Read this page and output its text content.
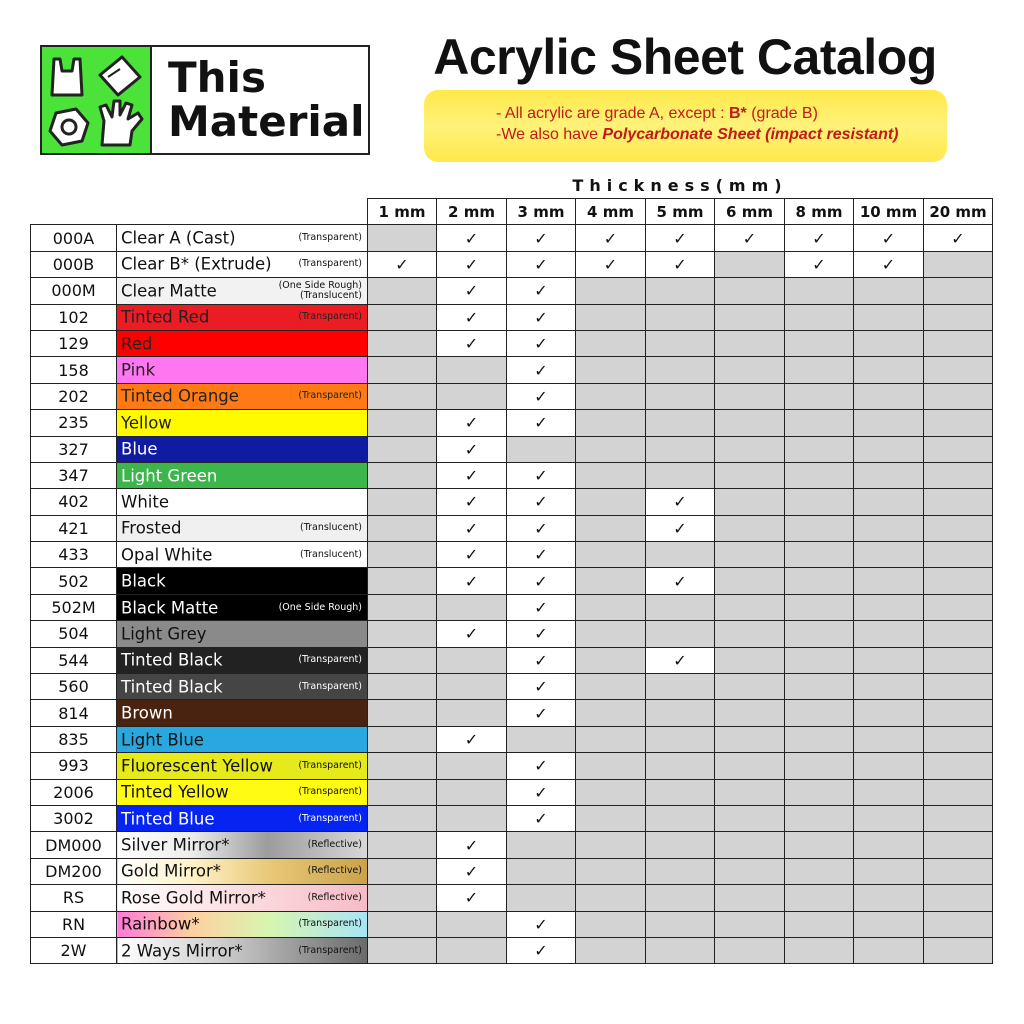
This
Material
Acrylic Sheet Catalog
- All acrylic are grade A, except : B* (grade B)
-We also have Polycarbonate Sheet (impact resistant)
Thickness(mm)
		1 mm	2 mm	3 mm	4 mm	5 mm	6 mm	8 mm	10 mm	20 mm
000A	Clear A (Cast) (Transparent)		✓	✓	✓	✓	✓	✓	✓	✓
000B	Clear B* (Extrude) (Transparent)	✓	✓	✓	✓	✓		✓	✓	
000M	Clear Matte (One Side Rough)
(Translucent)		✓	✓						
102	Tinted Red (Transparent)		✓	✓						
129	Red		✓	✓						
158	Pink			✓						
202	Tinted Orange (Transparent)			✓						
235	Yellow		✓	✓						
327	Blue		✓							
347	Light Green		✓	✓						
402	White		✓	✓		✓				
421	Frosted (Translucent)		✓	✓		✓				
433	Opal White (Translucent)		✓	✓						
502	Black		✓	✓		✓				
502M	Black Matte (One Side Rough)			✓						
504	Light Grey		✓	✓						
544	Tinted Black (Transparent)			✓		✓				
560	Tinted Black (Transparent)			✓						
814	Brown			✓						
835	Light Blue		✓							
993	Fluorescent Yellow (Transparent)			✓						
2006	Tinted Yellow (Transparent)			✓						
3002	Tinted Blue (Transparent)			✓						
DM000	Silver Mirror* (Reflective)		✓							
DM200	Gold Mirror* (Reflective)		✓							
RS	Rose Gold Mirror* (Reflective)		✓							
RN	Rainbow* (Transparent)			✓						
2W	2 Ways Mirror* (Transparent)			✓						
